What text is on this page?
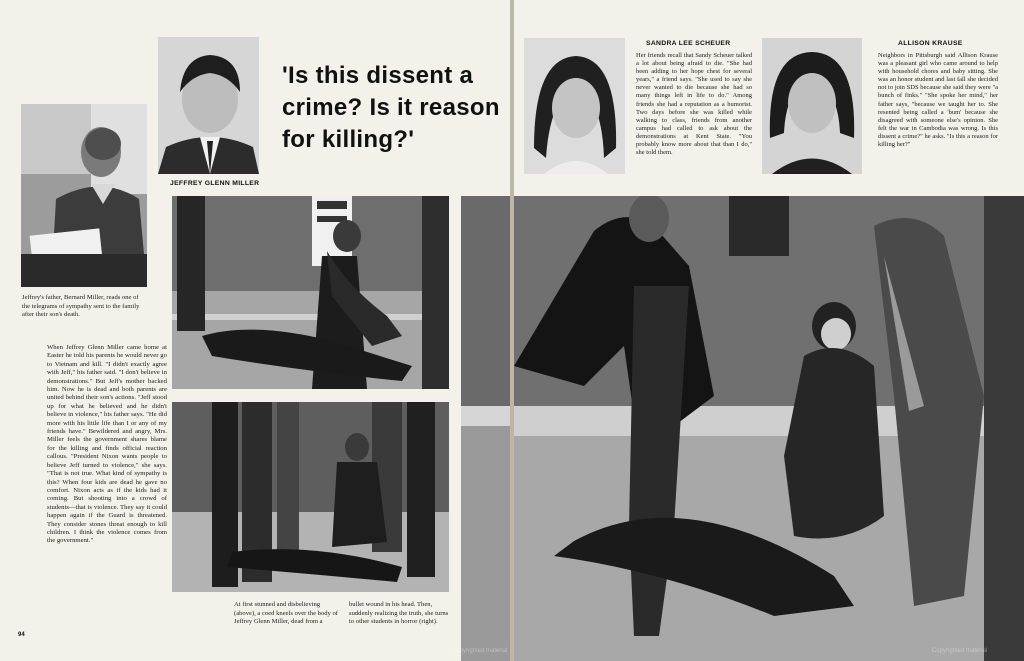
Jeffrey's father, Bernard Miller, reads one of the telegrams of sympathy sent to the family after their son's death.
JEFFREY GLENN MILLER
'Is this dissent a crime? Is it reason for killing?'
When Jeffrey Glenn Miller came home at Easter he told his parents he would never go to Vietnam and kill. "I didn't exactly agree with Jeff," his father said. "I don't believe in demonstrations." But Jeff's mother backed him. Now he is dead and both parents are united behind their son's actions. "Jeff stood up for what he believed and he didn't believe in violence," his father says. "He did more with his little life than I or any of my friends have." Bewildered and angry, Mrs. Miller feels the government shares blame for the killing and finds official reaction callous. "President Nixon wants people to believe Jeff turned to violence," she says. "That is not true. What kind of sympathy is this? When four kids are dead he gave no comfort. Nixon acts as if the kids had it coming. But shooting into a crowd of students—that is violence. They say it could happen again if the Guard is threatened. They consider stones threat enough to kill children. I think the violence comes from the government."
At first stunned and disbelieving (above), a coed kneels over the body of Jeffrey Glenn Miller, dead from a
bullet wound in his head. Then, suddenly realizing the truth, she turns to other students in horror (right).
94
Copyrighted material
SANDRA LEE SCHEUER
Her friends recall that Sandy Scheuer talked a lot about being afraid to die. "She had been adding to her hope chest for several years," a friend says. "She used to say she never wanted to die because she had so many things left in life to do." Among friends she had a reputation as a humorist. Two days before she was killed while walking to class, friends from another campus had called to ask about the demonstrations at Kent State. "You probably know more about that than I do," she told them.
ALLISON KRAUSE
Neighbors in Pittsburgh said Allison Krause was a pleasant girl who came around to help with household chores and baby sitting. She was an honor student and last fall she decided not to join SDS because she said they were "a bunch of finks." "She spoke her mind," her father says, "because we taught her to. She resented being called a 'bum' because she disagreed with someone else's opinion. She felt the war in Cambodia was wrong. Is this dissent a crime?" he asks. "Is this a reason for killing her?"
Copyrighted material
